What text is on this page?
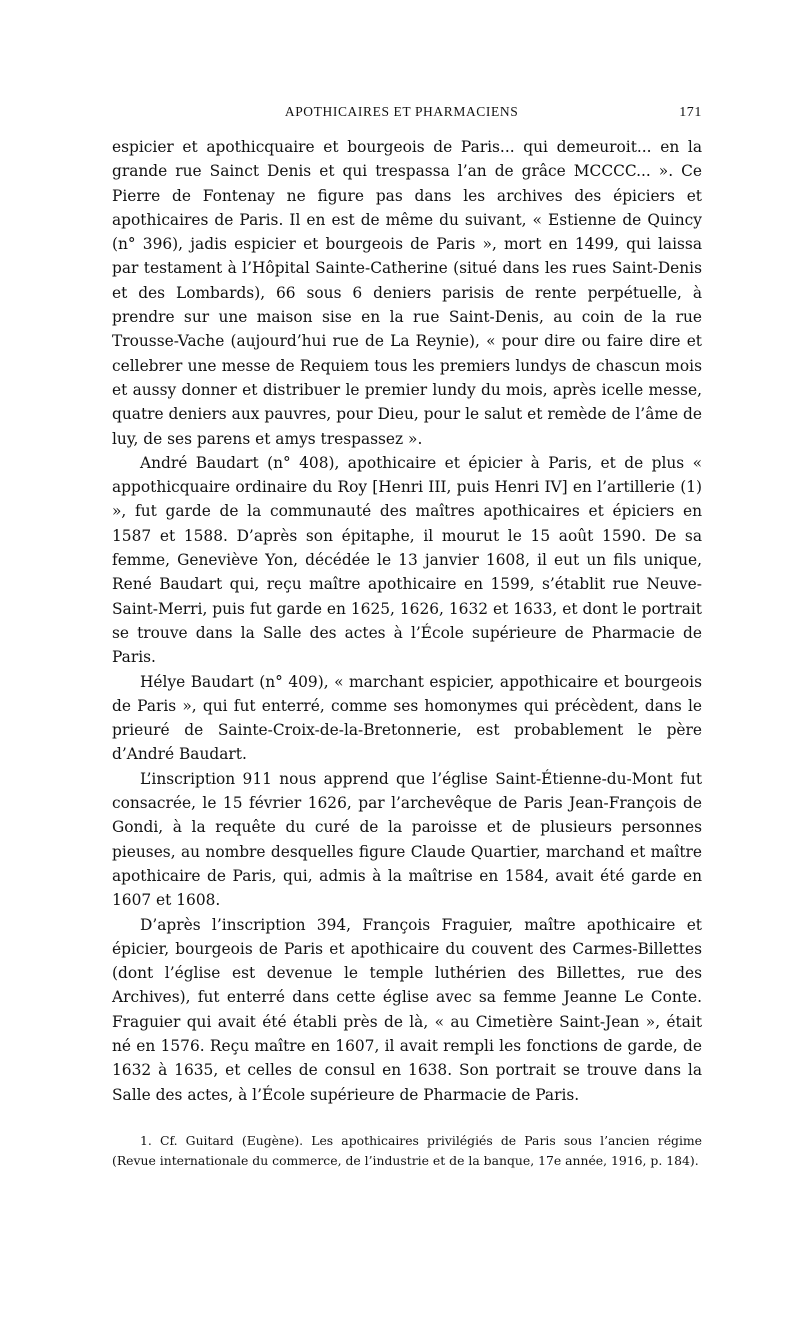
APOTHICAIRES ET PHARMACIENS	171

espicier et apothicquaire et bourgeois de Paris... qui demeuroit... en la grande rue Sainct Denis et qui trespassa l’an de grâce MCCCC... ». Ce Pierre de Fontenay ne figure pas dans les archives des épiciers et apothicaires de Paris. Il en est de même du suivant, « Estienne de Quincy (n° 396), jadis espicier et bourgeois de Paris », mort en 1499, qui laissa par testament à l’Hôpital Sainte-Catherine (situé dans les rues Saint-Denis et des Lombards), 66 sous 6 deniers parisis de rente perpétuelle, à prendre sur une maison sise en la rue Saint-Denis, au coin de la rue Trousse-Vache (aujourd’hui rue de La Reynie), « pour dire ou faire dire et cellebrer une messe de Requiem tous les premiers lundys de chascun mois et aussy donner et distribuer le premier lundy du mois, après icelle messe, quatre deniers aux pauvres, pour Dieu, pour le salut et remède de l’âme de luy, de ses parens et amys trespassez ».

André Baudart (n° 408), apothicaire et épicier à Paris, et de plus « appothicquaire ordinaire du Roy [Henri III, puis Henri IV] en l’artillerie (1) », fut garde de la communauté des maîtres apothicaires et épiciers en 1587 et 1588. D’après son épitaphe, il mourut le 15 août 1590. De sa femme, Geneviève Yon, décédée le 13 janvier 1608, il eut un fils unique, René Baudart qui, reçu maître apothicaire en 1599, s’établit rue Neuve-Saint-Merri, puis fut garde en 1625, 1626, 1632 et 1633, et dont le portrait se trouve dans la Salle des actes à l’École supérieure de Pharmacie de Paris.

Hélye Baudart (n° 409), « marchant espicier, appothicaire et bourgeois de Paris », qui fut enterré, comme ses homonymes qui précèdent, dans le prieuré de Sainte-Croix-de-la-Bretonnerie, est probablement le père d’André Baudart.

L’inscription 911 nous apprend que l’église Saint-Étienne-du-Mont fut consacrée, le 15 février 1626, par l’archevêque de Paris Jean-François de Gondi, à la requête du curé de la paroisse et de plusieurs personnes pieuses, au nombre desquelles figure Claude Quartier, marchand et maître apothicaire de Paris, qui, admis à la maîtrise en 1584, avait été garde en 1607 et 1608.

D’après l’inscription 394, François Fraguier, maître apothicaire et épicier, bourgeois de Paris et apothicaire du couvent des Carmes-Billettes (dont l’église est devenue le temple luthérien des Billettes, rue des Archives), fut enterré dans cette église avec sa femme Jeanne Le Conte. Fraguier qui avait été établi près de là, « au Cimetière Saint-Jean », était né en 1576. Reçu maître en 1607, il avait rempli les fonctions de garde, de 1632 à 1635, et celles de consul en 1638. Son portrait se trouve dans la Salle des actes, à l’École supérieure de Pharmacie de Paris.

1. Cf. Guitard (Eugène). Les apothicaires privilégiés de Paris sous l’ancien régime (Revue internationale du commerce, de l’industrie et de la banque, 17e année, 1916, p. 184).
